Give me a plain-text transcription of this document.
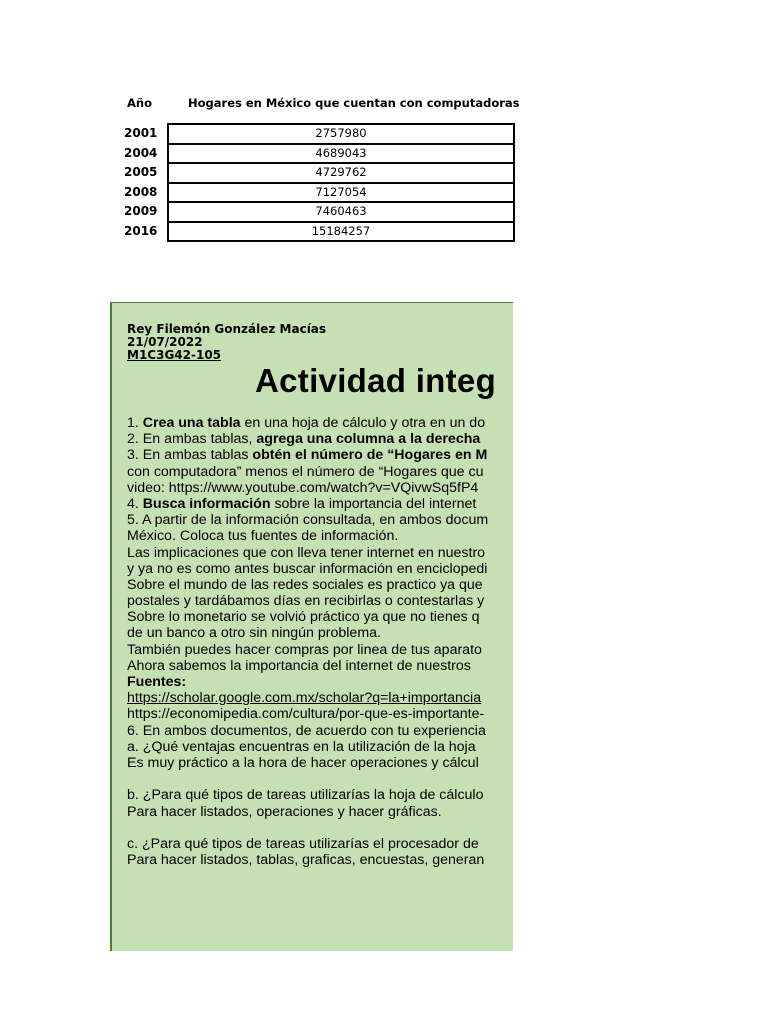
Año	Hogares en México que cuentan con computadoras
2001
2004
2005
2008
2009
2016
2757980
4689043
4729762
7127054
7460463
15184257
Rey Filemón González Macías
21/07/2022
M1C3G42-105
Actividad integ
1. Crea una tabla en una hoja de cálculo y otra en un do
2. En ambas tablas, agrega una columna a la derecha
3. En ambas tablas obtén el número de “Hogares en M
con computadora” menos el número de “Hogares que cu
video: https://www.youtube.com/watch?v=VQivwSq5fP4
4. Busca información sobre la importancia del internet
5. A partir de la información consultada, en ambos docum
México. Coloca tus fuentes de información.
Las implicaciones que con lleva tener internet en nuestro
y ya no es como antes buscar información en enciclopedi
Sobre el mundo de las redes sociales es practico ya que
postales y tardábamos días en recibirlas o contestarlas y
Sobre lo monetario se volvió práctico ya que no tienes q
de un banco a otro sin ningún problema.
También puedes hacer compras por linea de tus aparato
Ahora sabemos la importancia del internet de nuestros
Fuentes:
https://scholar.google.com.mx/scholar?q=la+importancia
https://economipedia.com/cultura/por-que-es-importante-
6. En ambos documentos, de acuerdo con tu experiencia
a. ¿Qué ventajas encuentras en la utilización de la hoja
Es muy práctico a la hora de hacer operaciones y cálcul
b. ¿Para qué tipos de tareas utilizarías la hoja de cálculo
Para hacer listados, operaciones y hacer gráficas.
c. ¿Para qué tipos de tareas utilizarías el procesador de
Para hacer listados, tablas, graficas, encuestas, generan
